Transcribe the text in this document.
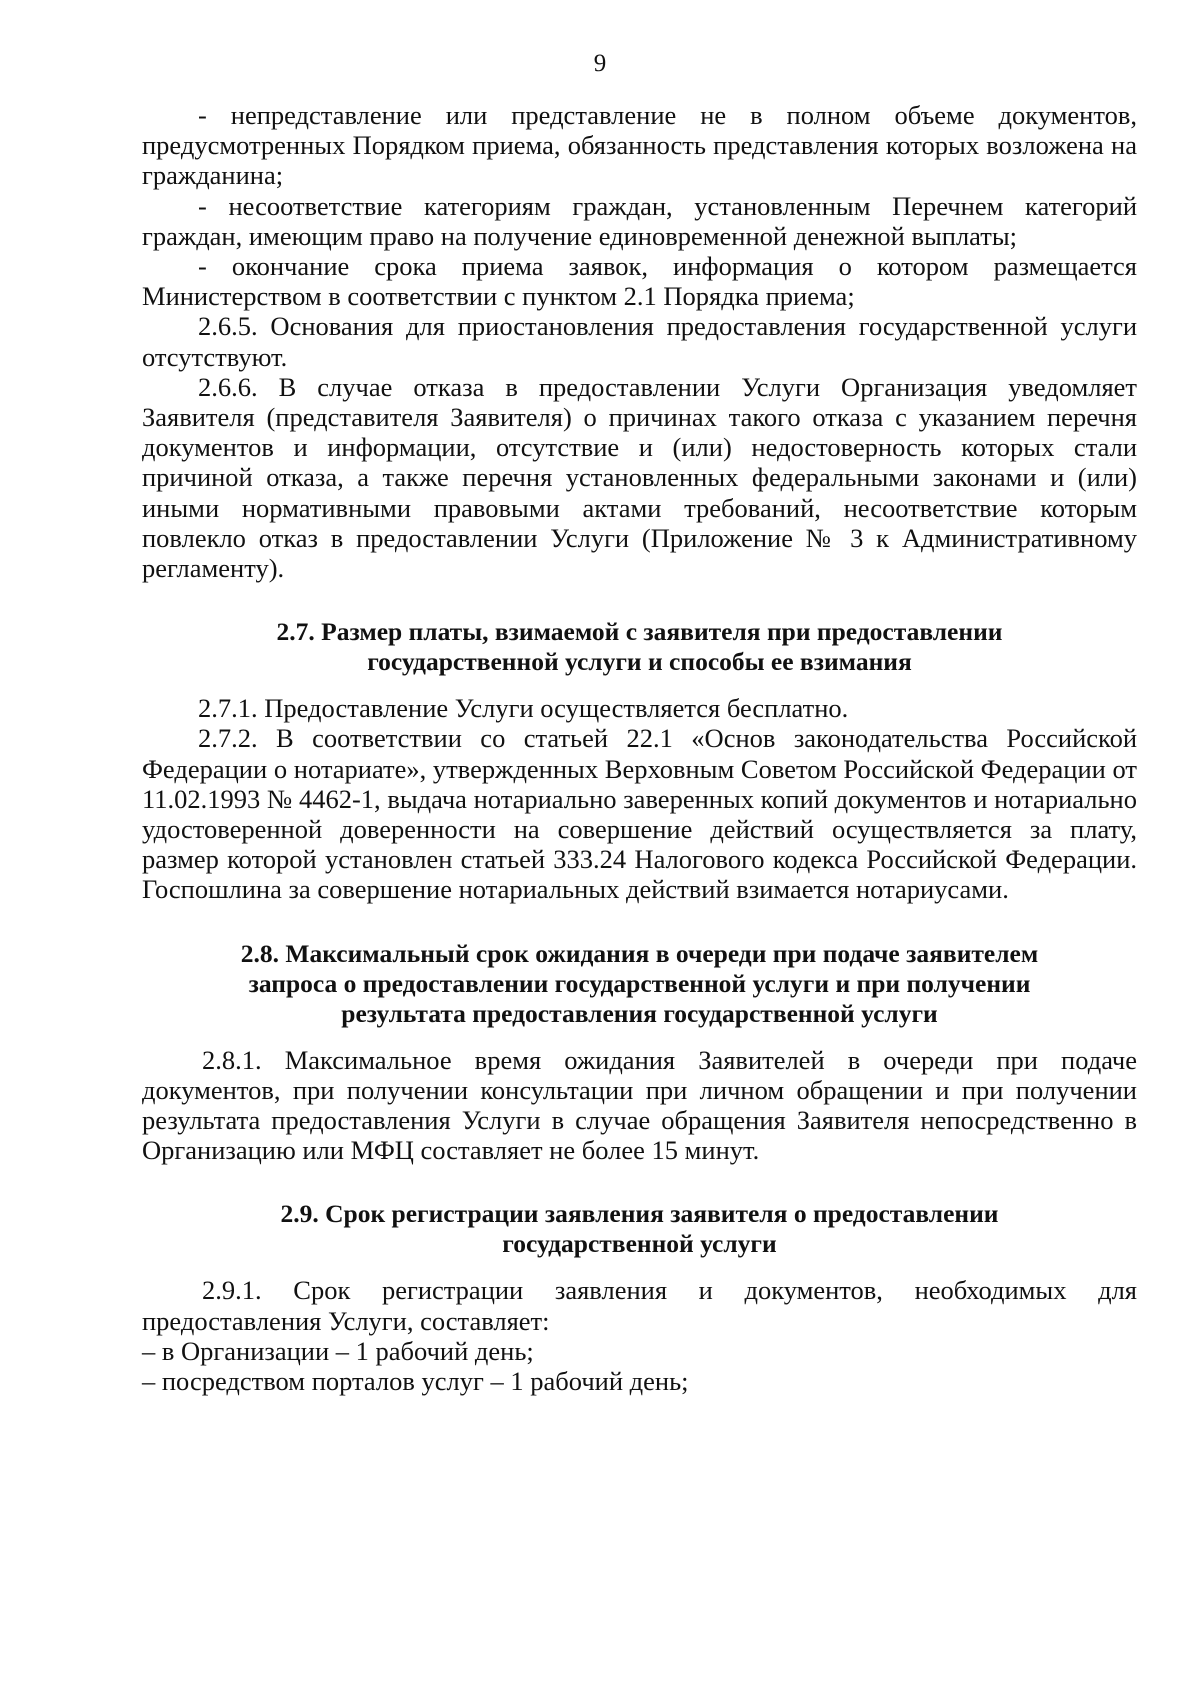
9

- непредставление или представление не в полном объеме документов, предусмотренных Порядком приема, обязанность представления которых возложена на гражданина;

- несоответствие категориям граждан, установленным Перечнем категорий граждан, имеющим право на получение единовременной денежной выплаты;

- окончание срока приема заявок, информация о котором размещается Министерством в соответствии с пунктом 2.1 Порядка приема;

2.6.5. Основания для приостановления предоставления государственной услуги отсутствуют.

2.6.6. В случае отказа в предоставлении Услуги Организация уведомляет Заявителя (представителя Заявителя) о причинах такого отказа с указанием перечня документов и информации, отсутствие и (или) недостоверность которых стали причиной отказа, а также перечня установленных федеральными законами и (или) иными нормативными правовыми актами требований, несоответствие которым повлекло отказ в предоставлении Услуги (Приложение № 3 к Административному регламенту).

2.7. Размер платы, взимаемой с заявителя при предоставлении
государственной услуги и способы ее взимания

2.7.1. Предоставление Услуги осуществляется бесплатно.

2.7.2. В соответствии со статьей 22.1 «Основ законодательства Российской Федерации о нотариате», утвержденных Верховным Советом Российской Федерации от 11.02.1993 № 4462-1, выдача нотариально заверенных копий документов и нотариально удостоверенной доверенности на совершение действий осуществляется за плату, размер которой установлен статьей 333.24 Налогового кодекса Российской Федерации. Госпошлина за совершение нотариальных действий взимается нотариусами.

2.8. Максимальный срок ожидания в очереди при подаче заявителем
запроса о предоставлении государственной услуги и при получении
результата предоставления государственной услуги

2.8.1. Максимальное время ожидания Заявителей в очереди при подаче документов, при получении консультации при личном обращении и при получении результата предоставления Услуги в случае обращения Заявителя непосредственно в Организацию или МФЦ составляет не более 15 минут.

2.9. Срок регистрации заявления заявителя о предоставлении
государственной услуги

2.9.1. Срок регистрации заявления и документов, необходимых для предоставления Услуги, составляет:

– в Организации – 1 рабочий день;

– посредством порталов услуг – 1 рабочий день;
